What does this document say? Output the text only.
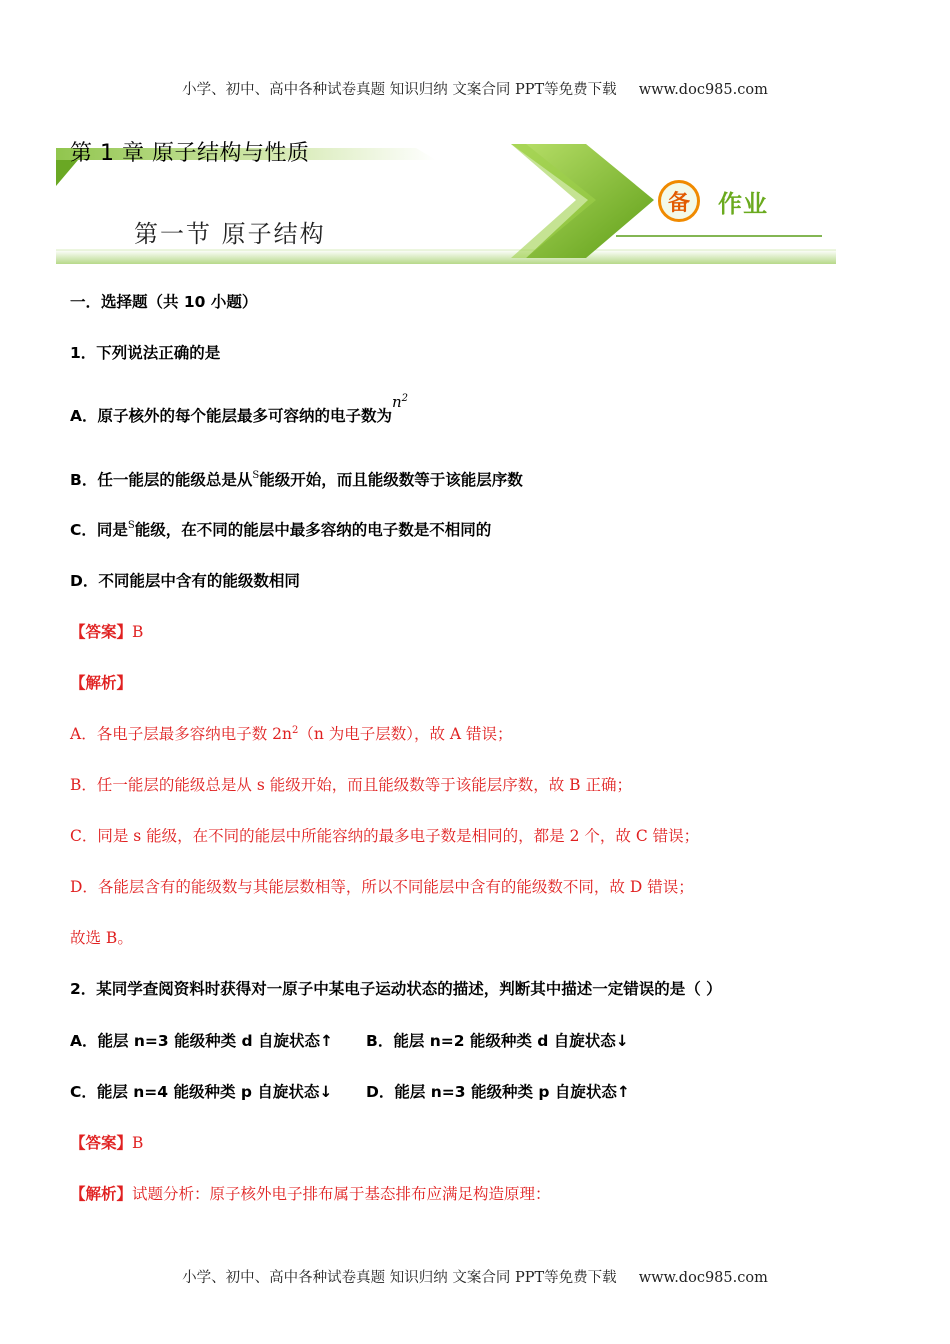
小学、初中、高中各种试卷真题 知识归纳 文案合同 PPT等免费下载 www.doc985.com
第 1 章 原子结构与性质
第一节 原子结构
备 作业
一．选择题（共 10 小题）
1．下列说法正确的是
A．原子核外的每个能层最多可容纳的电子数为$n^2$
B．任一能层的能级总是从$^S$能级开始，而且能级数等于该能层序数
C．同是$^S$能级，在不同的能层中最多容纳的电子数是不相同的
D．不同能层中含有的能级数相同
【答案】B
【解析】
A．各电子层最多容纳电子数 $2n^2(n$ 为电子层数），故 A 错误；
B．任一能层的能级总是从 s 能级开始，而且能级数等于该能层序数，故 B 正确；
C．同是 s 能级，在不同的能层中所能容纳的最多电子数是相同的，都是 2 个，故 C 错误；
D．各能层含有的能级数与其能层数相等，所以不同能层中含有的能级数不同，故 D 错误；
故选 B。
2．某同学查阅资料时获得对一原子中某电子运动状态的描述，判断其中描述一定错误的是（ ）
A．能层 n=3 能级种类 d 自旋状态↑ B．能层 n=2 能级种类 d 自旋状态↓
C．能层 n=4 能级种类 p 自旋状态↓ D．能层 n=3 能级种类 p 自旋状态↑
【答案】B
【解析】试题分析：原子核外电子排布属于基态排布应满足构造原理：
小学、初中、高中各种试卷真题 知识归纳 文案合同 PPT等免费下载 www.doc985.com
